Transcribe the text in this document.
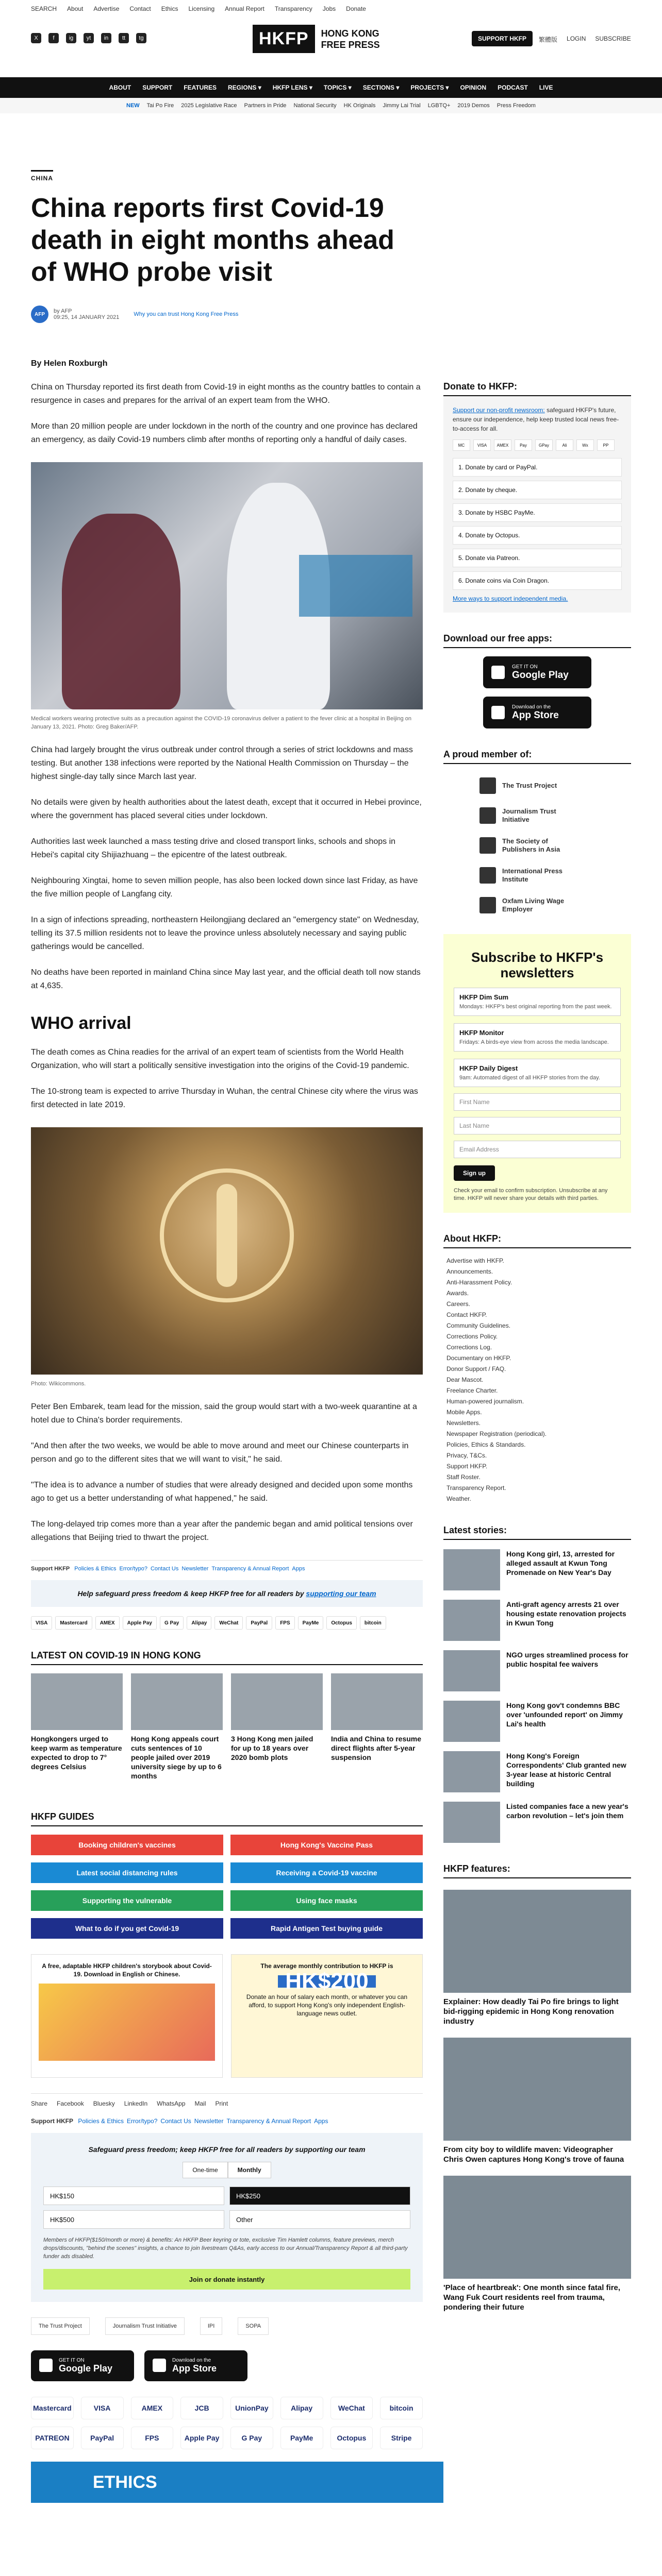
SEARCH About Advertise Contact Ethics Licensing Annual Report Transparency Jobs Donate
X	f	ig	yt	in	tt	tg	HKFP	HONG KONG
FREE PRESS
SUPPORT HKFP	繁體版 LOGIN SUBSCRIBE
ABOUT SUPPORT FEATURES REGIONS ▾ HKFP LENS ▾ TOPICS ▾ SECTIONS ▾ PROJECTS ▾ OPINION PODCAST LIVE
NEW Tai Po Fire 2025 Legislative Race Partners in Pride National Security HK Originals Jimmy Lai Trial LGBTQ+ 2019 Demos Press Freedom
CHINA
China reports first Covid-19 death in eight months ahead of WHO probe visit
AFP	by AFP
09:25, 14 JANUARY 2021	Why you can trust Hong Kong Free Press
By Helen Roxburgh

China on Thursday reported its first death from Covid-19 in eight months as the country battles to contain a resurgence in cases and prepares for the arrival of an expert team from the WHO.

More than 20 million people are under lockdown in the north of the country and one province has declared an emergency, as daily Covid-19 numbers climb after months of reporting only a handful of daily cases.

Medical workers wearing protective suits as a precaution against the COVID-19 coronavirus deliver a patient to the fever clinic at a hospital in Beijing on January 13, 2021. Photo: Greg Baker/AFP.

China had largely brought the virus outbreak under control through a series of strict lockdowns and mass testing. But another 138 infections were reported by the National Health Commission on Thursday – the highest single-day tally since March last year.

No details were given by health authorities about the latest death, except that it occurred in Hebei province, where the government has placed several cities under lockdown.

Authorities last week launched a mass testing drive and closed transport links, schools and shops in Hebei's capital city Shijiazhuang – the epicentre of the latest outbreak.

Neighbouring Xingtai, home to seven million people, has also been locked down since last Friday, as have the five million people of Langfang city.

In a sign of infections spreading, northeastern Heilongjiang declared an "emergency state" on Wednesday, telling its 37.5 million residents not to leave the province unless absolutely necessary and saying public gatherings would be cancelled.

No deaths have been reported in mainland China since May last year, and the official death toll now stands at 4,635.

WHO arrival

The death comes as China readies for the arrival of an expert team of scientists from the World Health Organization, who will start a politically sensitive investigation into the origins of the Covid-19 pandemic.

The 10-strong team is expected to arrive Thursday in Wuhan, the central Chinese city where the virus was first detected in late 2019.

Photo: Wikicommons.

Peter Ben Embarek, team lead for the mission, said the group would start with a two-week quarantine at a hotel due to China's border requirements.

"And then after the two weeks, we would be able to move around and meet our Chinese counterparts in person and go to the different sites that we will want to visit," he said.

"The idea is to advance a number of studies that were already designed and decided upon some months ago to get us a better understanding of what happened," he said.

The long-delayed trip comes more than a year after the pandemic began and amid political tensions over allegations that Beijing tried to thwart the project.

Support HKFP Policies & Ethics Error/typo? Contact Us Newsletter Transparency & Annual Report Apps
Help safeguard press freedom & keep HKFP free for all readers by supporting our team
VISA	Mastercard	AMEX	Apple Pay	G Pay	Alipay	WeChat	PayPal	FPS	PayMe	Octopus	bitcoin
LATEST ON COVID-19 IN HONG KONG
Hongkongers urged to keep warm as temperature expected to drop to 7° degrees Celsius
Hong Kong appeals court cuts sentences of 10 people jailed over 2019 university siege by up to 6 months
3 Hong Kong men jailed for up to 18 years over 2020 bomb plots
India and China to resume direct flights after 5-year suspension
HKFP GUIDES
Booking children's vaccines	Hong Kong's Vaccine Pass
Latest social distancing rules	Receiving a Covid-19 vaccine
Supporting the vulnerable	Using face masks
What to do if you get Covid-19	Rapid Antigen Test buying guide
A free, adaptable HKFP children's storybook about Covid-19. Download in English or Chinese.
The average monthly contribution to HKFP is
HK$200
Donate an hour of salary each month, or whatever you can afford, to support Hong Kong's only independent English-language news outlet.
Share Facebook Bluesky LinkedIn WhatsApp Mail Print
Support HKFP Policies & Ethics Error/typo? Contact Us Newsletter Transparency & Annual Report Apps
Safeguard press freedom; keep HKFP free for all readers by supporting our team
One-time	Monthly
HK$150	HK$250
HK$500	Other
Members of HKFP($150/month or more) & benefits: An HKFP Beer keyring or tote, exclusive Tim Hamlett columns, feature previews, merch drops/discounts, "behind the scenes" insights, a chance to join livestream Q&As, early access to our Annual/Transparency Report & all third-party funder ads disabled.
Join or donate instantly
The Trust Project	Journalism Trust Initiative	IPI	SOPA
GET IT ON
Google Play
Download on the
App Store
Mastercard	VISA	AMEX	JCB	UnionPay	Alipay	WeChat	bitcoin
PATREON	PayPal	FPS	Apple Pay	G Pay	PayMe	Octopus	Stripe
ETHICS
Donate to HKFP:

Support our non-profit newsroom: safeguard HKFP's future, ensure our independence, help keep trusted local news free-to-access for all.

MC	VISA	AMEX	Pay	GPay	Ali	Wx	PP
1. Donate by card or PayPal.
2. Donate by cheque.
3. Donate by HSBC PayMe.
4. Donate by Octopus.
5. Donate via Patreon.
6. Donate coins via Coin Dragon.

More ways to support independent media.

Download our free apps:
GET IT ON
Google Play
Download on the
App Store
A proud member of:
The Trust Project
Journalism Trust Initiative
The Society of Publishers in Asia
International Press Institute
Oxfam Living Wage Employer
Subscribe to HKFP's newsletters
HKFP Dim Sum
Mondays: HKFP's best original reporting from the past week.
HKFP Monitor
Fridays: A birds-eye view from across the media landscape.
HKFP Daily Digest
9am: Automated digest of all HKFP stories from the day.
First Name
Last Name
Email Address
Sign up
Check your email to confirm subscription. Unsubscribe at any time. HKFP will never share your details with third parties.
About HKFP:
Advertise with HKFP.
Announcements.
Anti-Harassment Policy.
Awards.
Careers.
Contact HKFP.
Community Guidelines.
Corrections Policy.
Corrections Log.
Documentary on HKFP.
Donor Support / FAQ.
Dear Mascot.
Freelance Charter.
Human-powered journalism.
Mobile Apps.
Newsletters.
Newspaper Registration (periodical).
Policies, Ethics & Standards.
Privacy, T&Cs.
Support HKFP.
Staff Roster.
Transparency Report.
Weather.
Latest stories:
Hong Kong girl, 13, arrested for alleged assault at Kwun Tong Promenade on New Year's Day
Anti-graft agency arrests 21 over housing estate renovation projects in Kwun Tong
NGO urges streamlined process for public hospital fee waivers
Hong Kong gov't condemns BBC over 'unfounded report' on Jimmy Lai's health
Hong Kong's Foreign Correspondents' Club granted new 3-year lease at historic Central building
Listed companies face a new year's carbon revolution – let's join them
HKFP features:
Explainer: How deadly Tai Po fire brings to light bid-rigging epidemic in Hong Kong renovation industry
From city boy to wildlife maven: Videographer Chris Owen captures Hong Kong's trove of fauna
'Place of heartbreak': One month since fatal fire, Wang Fuk Court residents reel from trauma, pondering their future
